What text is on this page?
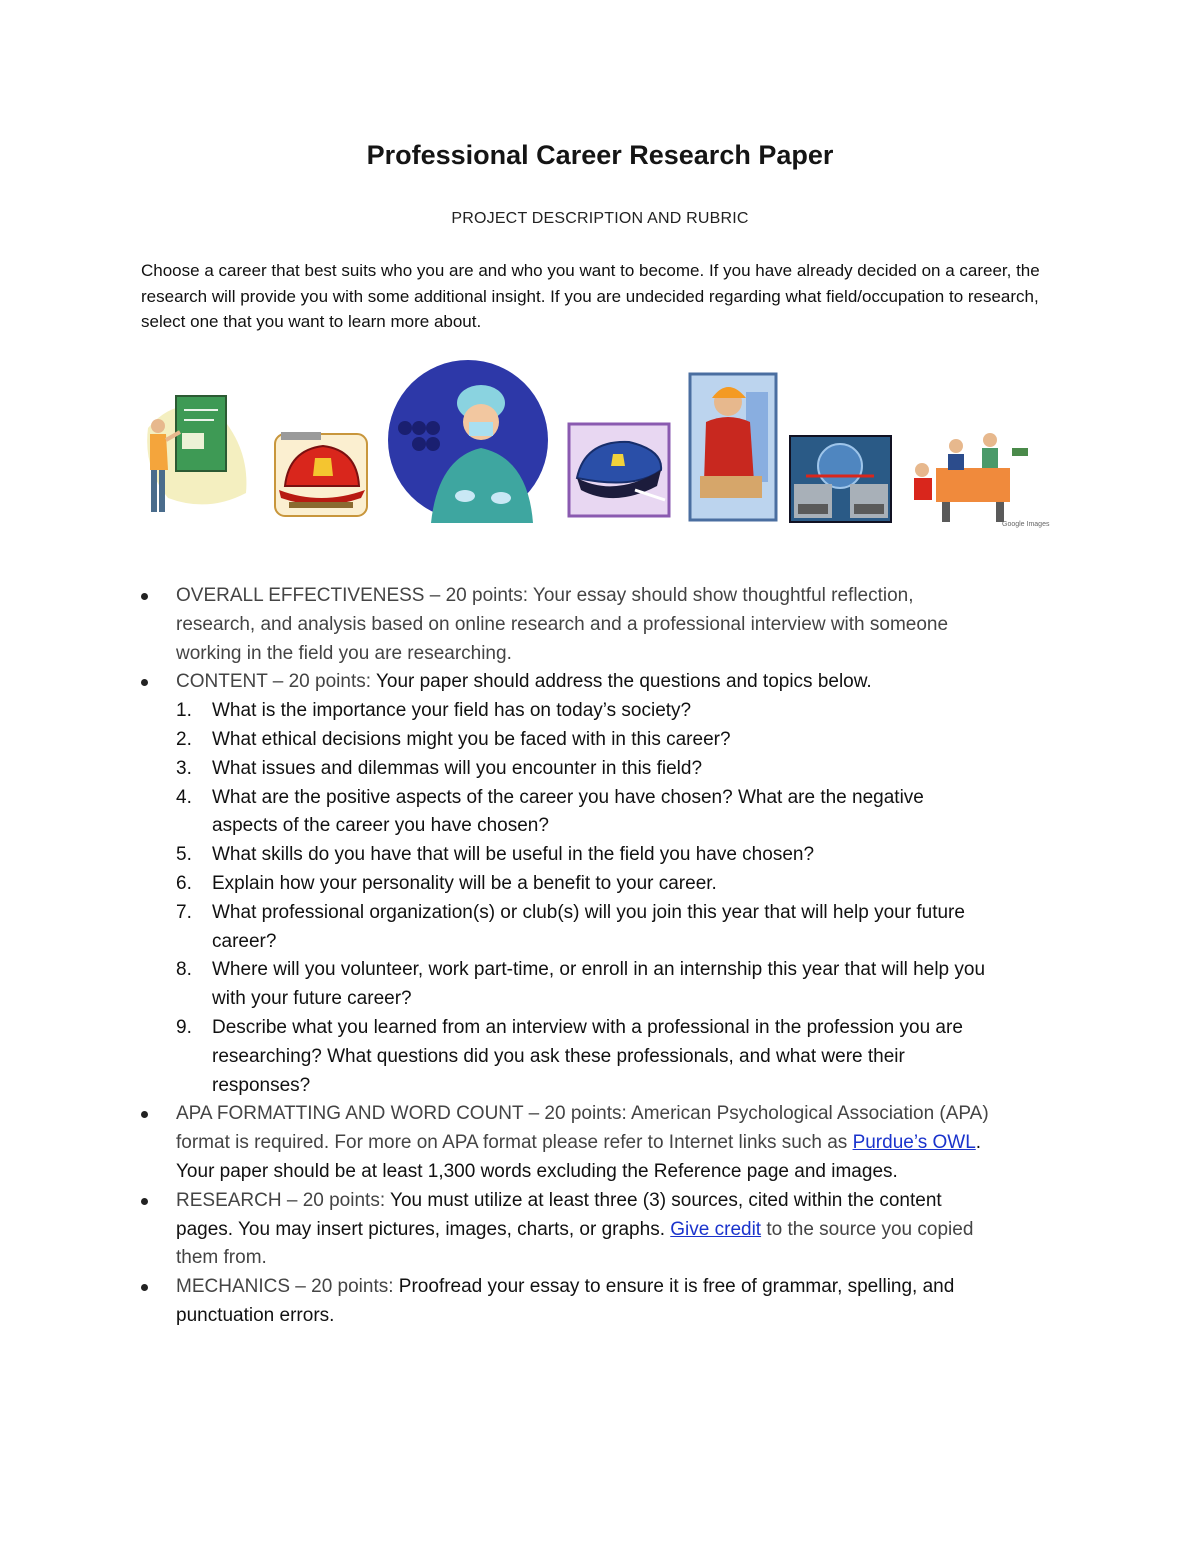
Professional Career Research Paper
PROJECT DESCRIPTION AND RUBRIC
Choose a career that best suits who you are and who you want to become. If you have already decided on a career, the research will provide you with some additional insight. If you are undecided regarding what field/occupation to research, select one that you want to learn more about.
Google Images
OVERALL EFFECTIVENESS – 20 points: Your essay should show thoughtful reflection, research, and analysis based on online research and a professional interview with someone working in the field you are researching.
CONTENT – 20 points: Your paper should address the questions and topics below.
1. What is the importance your field has on today’s society?
2. What ethical decisions might you be faced with in this career?
3. What issues and dilemmas will you encounter in this field?
4. What are the positive aspects of the career you have chosen? What are the negative aspects of the career you have chosen?
5. What skills do you have that will be useful in the field you have chosen?
6. Explain how your personality will be a benefit to your career.
7. What professional organization(s) or club(s) will you join this year that will help your future career?
8. Where will you volunteer, work part-time, or enroll in an internship this year that will help you with your future career?
9. Describe what you learned from an interview with a professional in the profession you are researching? What questions did you ask these professionals, and what were their responses?
APA FORMATTING AND WORD COUNT – 20 points: American Psychological Association (APA) format is required. For more on APA format please refer to Internet links such as Purdue’s OWL. Your paper should be at least 1,300 words excluding the Reference page and images.
RESEARCH – 20 points: You must utilize at least three (3) sources, cited within the content pages. You may insert pictures, images, charts, or graphs. Give credit to the source you copied them from.
MECHANICS – 20 points: Proofread your essay to ensure it is free of grammar, spelling, and punctuation errors.
